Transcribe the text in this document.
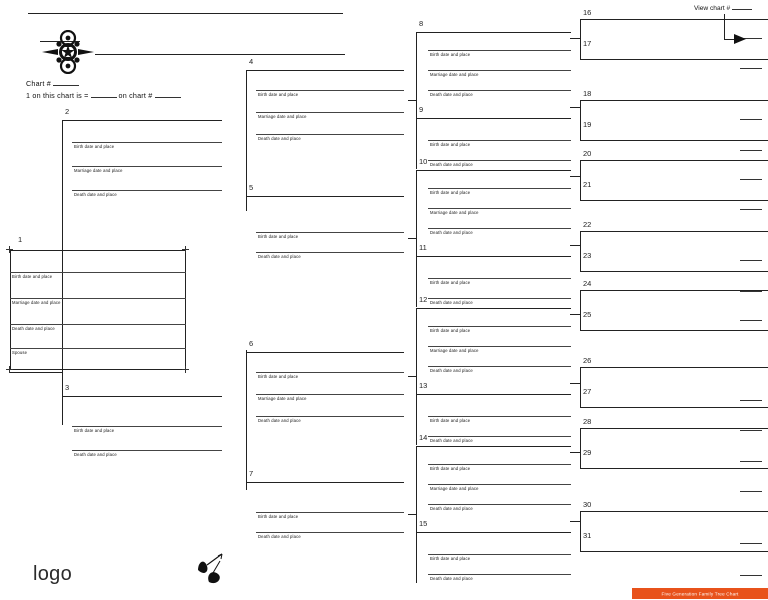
Chart #
1 on this chart is =	on chart #
1
Birth date and place
Marriage date and place
Death date and place
Spouse
2
Birth date and place
Marriage date and place
Death date and place
3
Birth date and place
Death date and place
4
Birth date and place
Marriage date and place
Death date and place
5
Birth date and place
Death date and place
6
Birth date and place
Marriage date and place
Death date and place
7
Birth date and place
Death date and place
8
Birth date and place
Marriage date and place
Death date and place
9
Birth date and place
Death date and place
10
Birth date and place
Marriage date and place
Death date and place
11
Birth date and place
Death date and place
12
Birth date and place
Marriage date and place
Death date and place
13
Birth date and place
Death date and place
14
Birth date and place
Marriage date and place
Death date and place
15
Birth date and place
Death date and place
16
17
18
19
20
21
22
23
24
25
26
27
28
29
30
31
View chart #
logo
Five Generation Family Tree Chart
